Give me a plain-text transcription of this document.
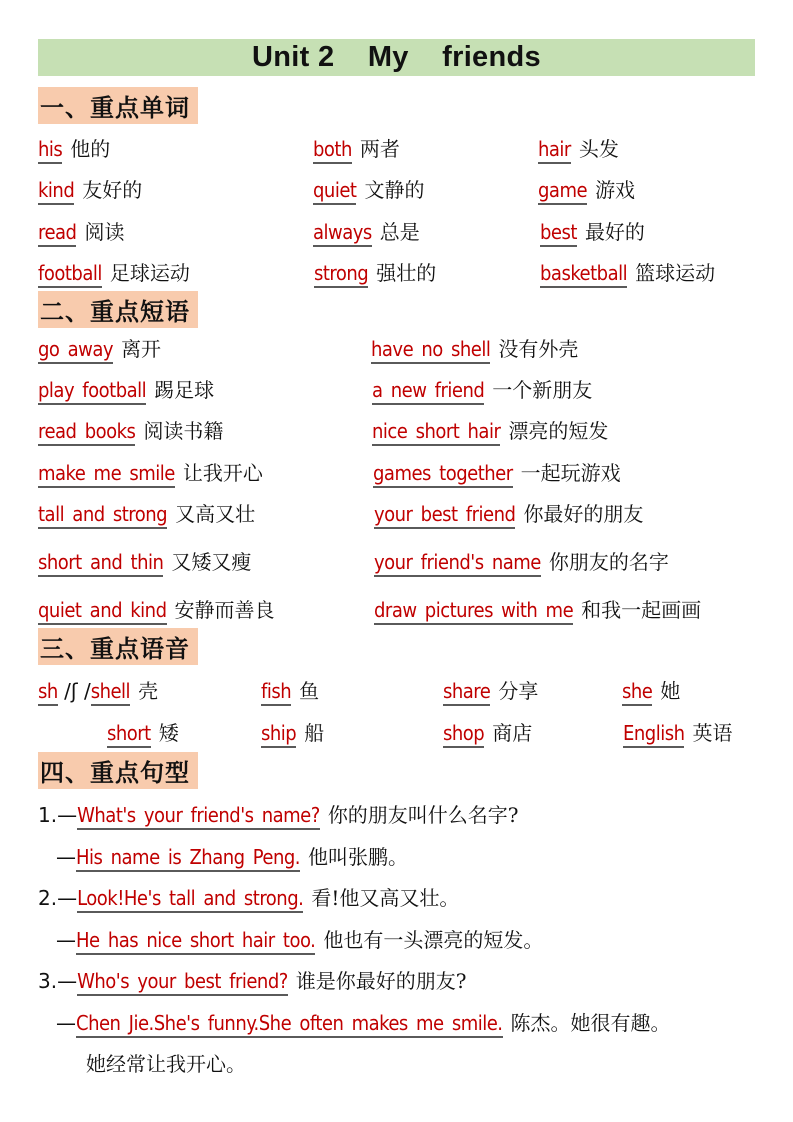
Unit 2    My    friends
一、重点单词
his 他的	both 两者	hair 头发
kind 友好的	quiet 文静的	game 游戏
read 阅读	always 总是	best 最好的
football 足球运动	strong 强壮的	basketball 篮球运动
二、重点短语
go away 离开	have no shell 没有外壳
play football 踢足球	a new friend 一个新朋友
read books 阅读书籍	nice short hair 漂亮的短发
make me smile 让我开心	games together 一起玩游戏
tall and strong 又高又壮	your best friend 你最好的朋友
short and thin 又矮又瘦	your friend's name 你朋友的名字
quiet and kind 安静而善良	draw pictures with me 和我一起画画
三、重点语音
sh /ʃ / shell 壳	fish 鱼	share 分享	she 她
short 矮	ship 船	shop 商店	English 英语
四、重点句型
1.— What's your friend's name? 你的朋友叫什么名字?
— His name is Zhang Peng. 他叫张鹏。
2.— Look!He's tall and strong. 看!他又高又壮。
— He has nice short hair too. 他也有一头漂亮的短发。
3.— Who's your best friend? 谁是你最好的朋友?
— Chen Jie.She's funny.She often makes me smile. 陈杰。她很有趣。
她经常让我开心。
